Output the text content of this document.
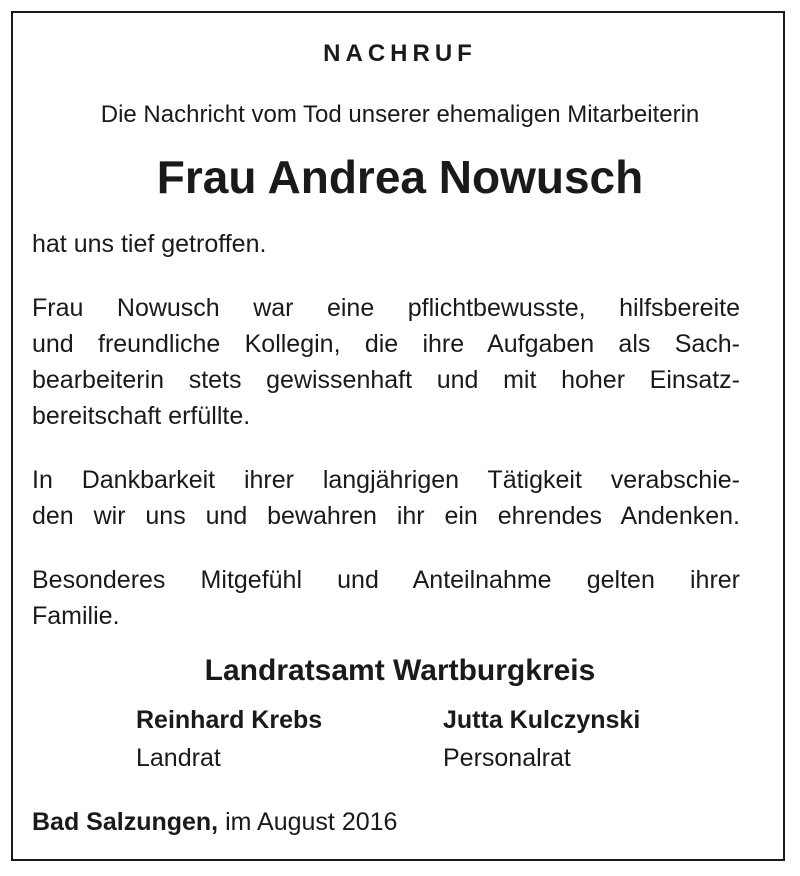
NACHRUF
Die Nachricht vom Tod unserer ehemaligen Mitarbeiterin
Frau Andrea Nowusch
hat uns tief getroffen.
Frau Nowusch war eine pflichtbewusste, hilfsbereite
und freundliche Kollegin, die ihre Aufgaben als Sach-
bearbeiterin stets gewissenhaft und mit hoher Einsatz-
bereitschaft erfüllte.
In Dankbarkeit ihrer langjährigen Tätigkeit verabschie-
den wir uns und bewahren ihr ein ehrendes Andenken.
Besonderes Mitgefühl und Anteilnahme gelten ihrer
Familie.
Landratsamt Wartburgkreis
Reinhard Krebs
Landrat
Jutta Kulczynski
Personalrat
Bad Salzungen, im August 2016
